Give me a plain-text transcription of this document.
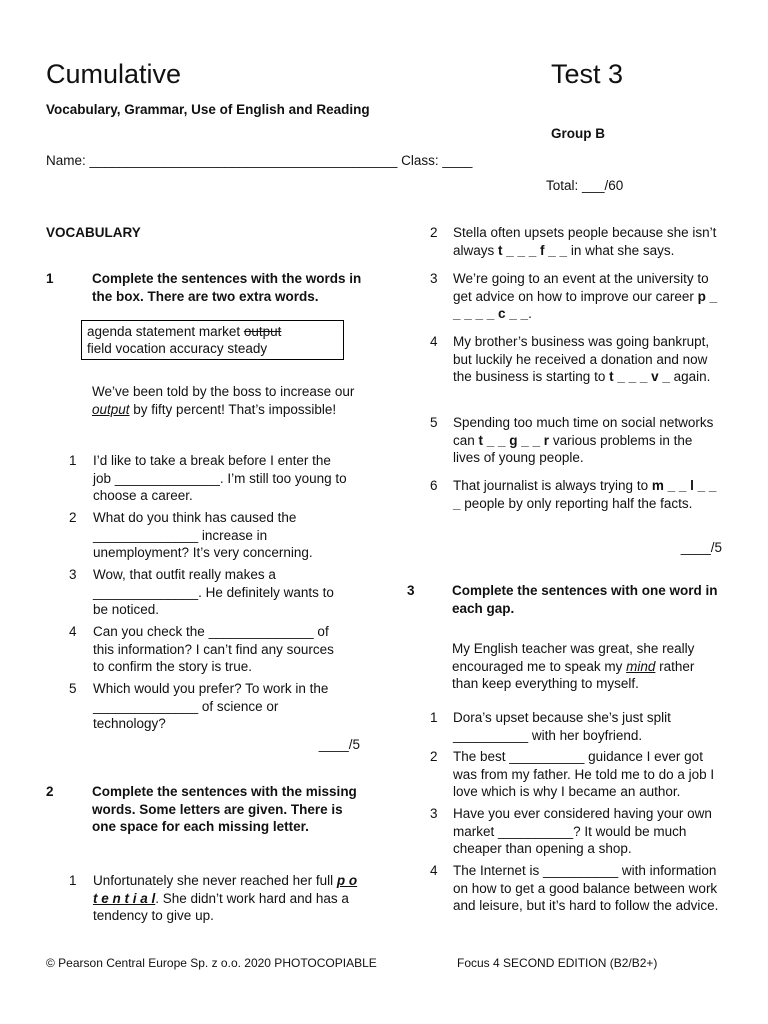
Cumulative	Test 3
Vocabulary, Grammar, Use of English and Reading
Group B
Name: _________________________________________ Class: ____
Total: ___/60
VOCABULARY
1	Complete the sentences with the words in the box. There are two extra words.
agenda statement market output
field vocation accuracy steady
We’ve been told by the boss to increase our output by fifty percent! That’s impossible!
1	I’d like to take a break before I enter the job ______________. I’m still too young to choose a career.
2	What do you think has caused the ______________ increase in unemployment? It’s very concerning.
3	Wow, that outfit really makes a ______________. He definitely wants to be noticed.
4	Can you check the ______________ of this information? I can’t find any sources to confirm the story is true.
5	Which would you prefer? To work in the ______________ of science or technology?
____/5
2	Complete the sentences with the missing words. Some letters are given. There is one space for each missing letter.
1	Unfortunately she never reached her full p o t e n t i a l. She didn’t work hard and has a tendency to give up.
2	Stella often upsets people because she isn’t always t _ _ _ f _ _ in what she says.
3	We’re going to an event at the university to get advice on how to improve our career p _ _ _ _ _ c _ _.
4	My brother’s business was going bankrupt, but luckily he received a donation and now the business is starting to t _ _ _ v _ again.
5	Spending too much time on social networks can t _ _ g _ _ r various problems in the lives of young people.
6	That journalist is always trying to m _ _ l _ _ _ people by only reporting half the facts.
____/5
3	Complete the sentences with one word in each gap.
My English teacher was great, she really encouraged me to speak my mind rather than keep everything to myself.
1	Dora’s upset because she’s just split __________ with her boyfriend.
2	The best __________ guidance I ever got was from my father. He told me to do a job I love which is why I became an author.
3	Have you ever considered having your own market __________? It would be much cheaper than opening a shop.
4	The Internet is __________ with information on how to get a good balance between work and leisure, but it’s hard to follow the advice.
© Pearson Central Europe Sp. z o.o. 2020 PHOTOCOPIABLE	Focus 4 SECOND EDITION (B2/B2+)
